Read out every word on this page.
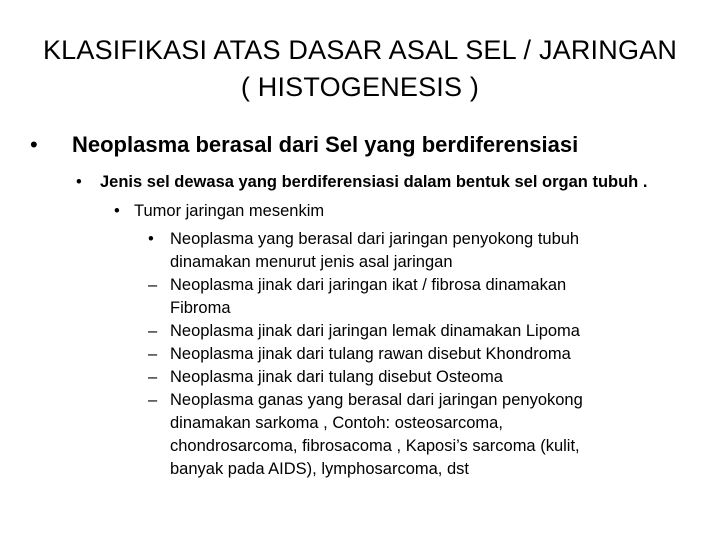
KLASIFIKASI ATAS DASAR ASAL SEL / JARINGAN
( HISTOGENESIS )
• Neoplasma berasal dari Sel yang berdiferensiasi
• Jenis sel dewasa yang berdiferensiasi dalam bentuk sel organ tubuh .
• Tumor jaringan mesenkim
• Neoplasma yang berasal dari jaringan penyokong tubuh
dinamakan menurut jenis asal jaringan
– Neoplasma jinak dari jaringan ikat / fibrosa dinamakan
Fibroma
– Neoplasma jinak dari jaringan lemak dinamakan Lipoma
– Neoplasma jinak dari tulang rawan disebut Khondroma
– Neoplasma jinak dari tulang disebut Osteoma
– Neoplasma ganas yang berasal dari jaringan penyokong
dinamakan sarkoma , Contoh: osteosarcoma,
chondrosarcoma, fibrosacoma , Kaposi’s sarcoma (kulit,
banyak pada AIDS), lymphosarcoma, dst
